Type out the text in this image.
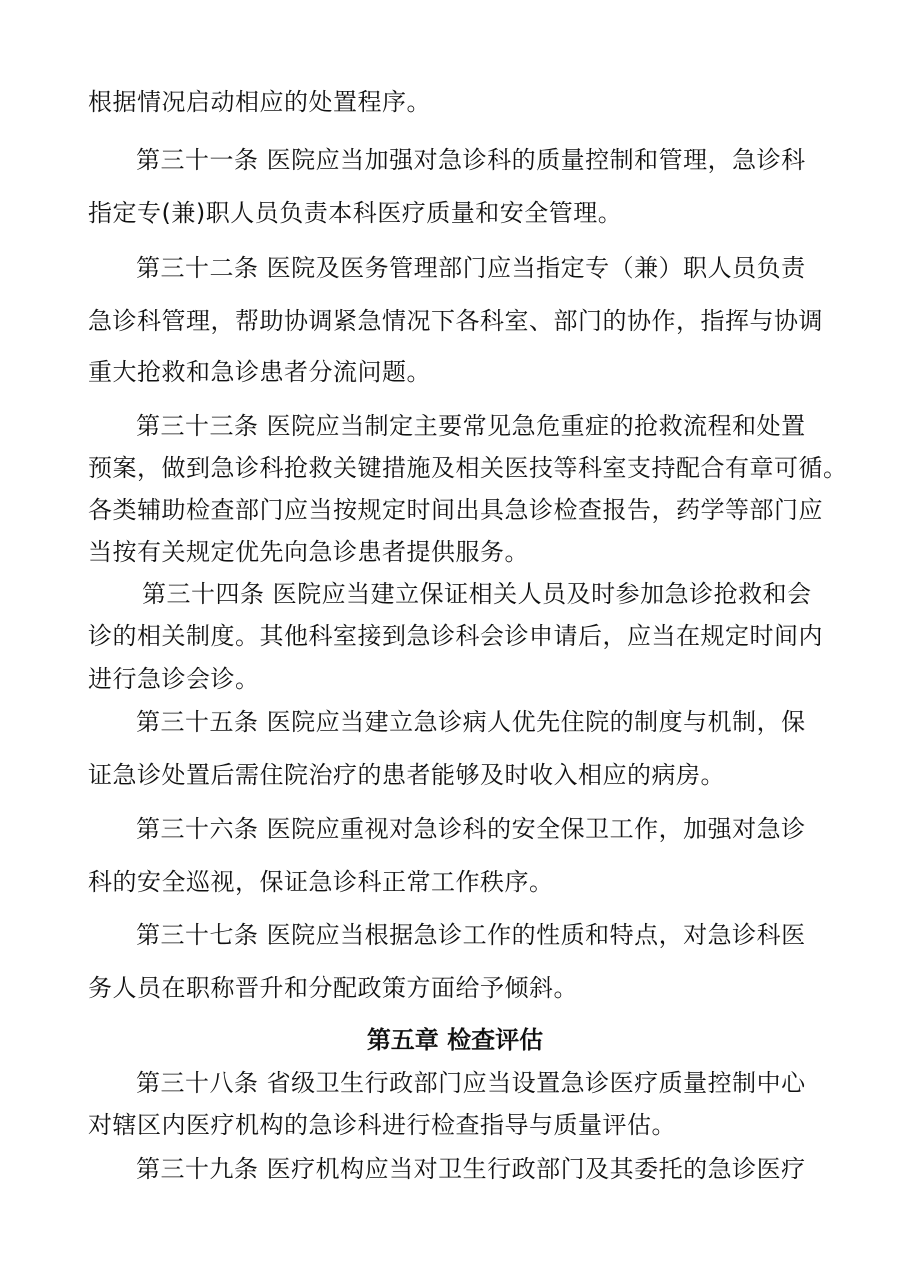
根据情况启动相应的处置程序。
第三十一条 医院应当加强对急诊科的质量控制和管理，急诊科
指定专(兼)职人员负责本科医疗质量和安全管理。
第三十二条 医院及医务管理部门应当指定专（兼）职人员负责
急诊科管理，帮助协调紧急情况下各科室、部门的协作，指挥与协调
重大抢救和急诊患者分流问题。
第三十三条 医院应当制定主要常见急危重症的抢救流程和处置
预案，做到急诊科抢救关键措施及相关医技等科室支持配合有章可循。
各类辅助检查部门应当按规定时间出具急诊检查报告，药学等部门应
当按有关规定优先向急诊患者提供服务。
第三十四条 医院应当建立保证相关人员及时参加急诊抢救和会
诊的相关制度。其他科室接到急诊科会诊申请后，应当在规定时间内
进行急诊会诊。
第三十五条 医院应当建立急诊病人优先住院的制度与机制，保
证急诊处置后需住院治疗的患者能够及时收入相应的病房。
第三十六条 医院应重视对急诊科的安全保卫工作，加强对急诊
科的安全巡视，保证急诊科正常工作秩序。
第三十七条 医院应当根据急诊工作的性质和特点，对急诊科医
务人员在职称晋升和分配政策方面给予倾斜。
第五章 检查评估
第三十八条 省级卫生行政部门应当设置急诊医疗质量控制中心
对辖区内医疗机构的急诊科进行检查指导与质量评估。
第三十九条 医疗机构应当对卫生行政部门及其委托的急诊医疗
